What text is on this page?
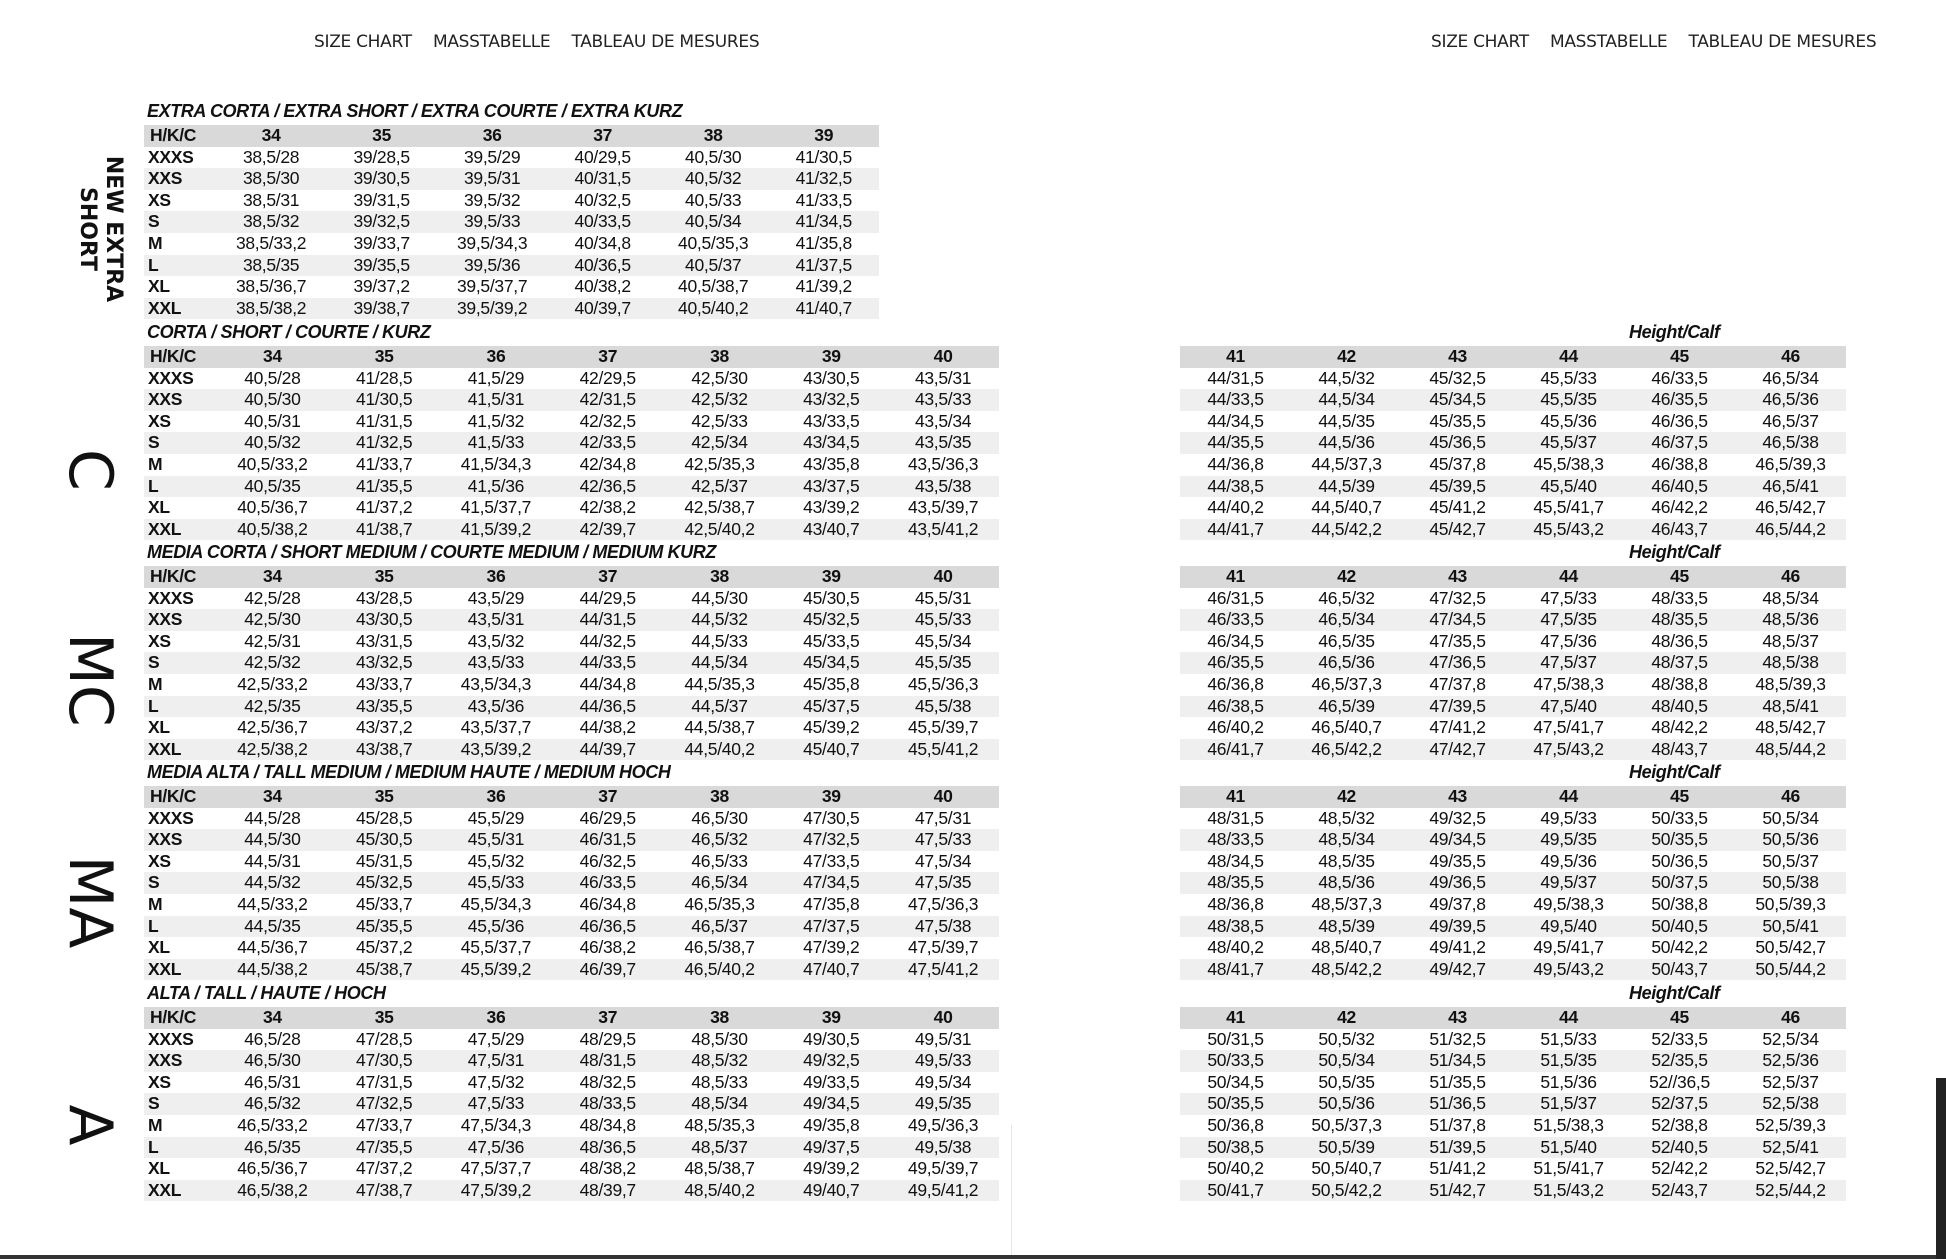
SIZE CHART MASSTABELLE TABLEAU DE MESURES	SIZE CHART MASSTABELLE TABLEAU DE MESURES
NEW EXTRA
SHORT
C
MC
MA
A
EXTRA CORTA / EXTRA SHORT / EXTRA COURTE / EXTRA KURZ
CORTA / SHORT / COURTE / KURZ
MEDIA CORTA / SHORT MEDIUM / COURTE MEDIUM / MEDIUM KURZ
MEDIA ALTA / TALL MEDIUM / MEDIUM HAUTE / MEDIUM HOCH
ALTA / TALL / HAUTE / HOCH
Height/Calf
Height/Calf
Height/Calf
Height/Calf
H/K/C	34	35	36	37	38	39
XXXS	38,5/28	39/28,5	39,5/29	40/29,5	40,5/30	41/30,5
XXS	38,5/30	39/30,5	39,5/31	40/31,5	40,5/32	41/32,5
XS	38,5/31	39/31,5	39,5/32	40/32,5	40,5/33	41/33,5
S	38,5/32	39/32,5	39,5/33	40/33,5	40,5/34	41/34,5
M	38,5/33,2	39/33,7	39,5/34,3	40/34,8	40,5/35,3	41/35,8
L	38,5/35	39/35,5	39,5/36	40/36,5	40,5/37	41/37,5
XL	38,5/36,7	39/37,2	39,5/37,7	40/38,2	40,5/38,7	41/39,2
XXL	38,5/38,2	39/38,7	39,5/39,2	40/39,7	40,5/40,2	41/40,7
H/K/C	34	35	36	37	38	39	40
XXXS	40,5/28	41/28,5	41,5/29	42/29,5	42,5/30	43/30,5	43,5/31
XXS	40,5/30	41/30,5	41,5/31	42/31,5	42,5/32	43/32,5	43,5/33
XS	40,5/31	41/31,5	41,5/32	42/32,5	42,5/33	43/33,5	43,5/34
S	40,5/32	41/32,5	41,5/33	42/33,5	42,5/34	43/34,5	43,5/35
M	40,5/33,2	41/33,7	41,5/34,3	42/34,8	42,5/35,3	43/35,8	43,5/36,3
L	40,5/35	41/35,5	41,5/36	42/36,5	42,5/37	43/37,5	43,5/38
XL	40,5/36,7	41/37,2	41,5/37,7	42/38,2	42,5/38,7	43/39,2	43,5/39,7
XXL	40,5/38,2	41/38,7	41,5/39,2	42/39,7	42,5/40,2	43/40,7	43,5/41,2
41	42	43	44	45	46
44/31,5	44,5/32	45/32,5	45,5/33	46/33,5	46,5/34
44/33,5	44,5/34	45/34,5	45,5/35	46/35,5	46,5/36
44/34,5	44,5/35	45/35,5	45,5/36	46/36,5	46,5/37
44/35,5	44,5/36	45/36,5	45,5/37	46/37,5	46,5/38
44/36,8	44,5/37,3	45/37,8	45,5/38,3	46/38,8	46,5/39,3
44/38,5	44,5/39	45/39,5	45,5/40	46/40,5	46,5/41
44/40,2	44,5/40,7	45/41,2	45,5/41,7	46/42,2	46,5/42,7
44/41,7	44,5/42,2	45/42,7	45,5/43,2	46/43,7	46,5/44,2
H/K/C	34	35	36	37	38	39	40
XXXS	42,5/28	43/28,5	43,5/29	44/29,5	44,5/30	45/30,5	45,5/31
XXS	42,5/30	43/30,5	43,5/31	44/31,5	44,5/32	45/32,5	45,5/33
XS	42,5/31	43/31,5	43,5/32	44/32,5	44,5/33	45/33,5	45,5/34
S	42,5/32	43/32,5	43,5/33	44/33,5	44,5/34	45/34,5	45,5/35
M	42,5/33,2	43/33,7	43,5/34,3	44/34,8	44,5/35,3	45/35,8	45,5/36,3
L	42,5/35	43/35,5	43,5/36	44/36,5	44,5/37	45/37,5	45,5/38
XL	42,5/36,7	43/37,2	43,5/37,7	44/38,2	44,5/38,7	45/39,2	45,5/39,7
XXL	42,5/38,2	43/38,7	43,5/39,2	44/39,7	44,5/40,2	45/40,7	45,5/41,2
41	42	43	44	45	46
46/31,5	46,5/32	47/32,5	47,5/33	48/33,5	48,5/34
46/33,5	46,5/34	47/34,5	47,5/35	48/35,5	48,5/36
46/34,5	46,5/35	47/35,5	47,5/36	48/36,5	48,5/37
46/35,5	46,5/36	47/36,5	47,5/37	48/37,5	48,5/38
46/36,8	46,5/37,3	47/37,8	47,5/38,3	48/38,8	48,5/39,3
46/38,5	46,5/39	47/39,5	47,5/40	48/40,5	48,5/41
46/40,2	46,5/40,7	47/41,2	47,5/41,7	48/42,2	48,5/42,7
46/41,7	46,5/42,2	47/42,7	47,5/43,2	48/43,7	48,5/44,2
H/K/C	34	35	36	37	38	39	40
XXXS	44,5/28	45/28,5	45,5/29	46/29,5	46,5/30	47/30,5	47,5/31
XXS	44,5/30	45/30,5	45,5/31	46/31,5	46,5/32	47/32,5	47,5/33
XS	44,5/31	45/31,5	45,5/32	46/32,5	46,5/33	47/33,5	47,5/34
S	44,5/32	45/32,5	45,5/33	46/33,5	46,5/34	47/34,5	47,5/35
M	44,5/33,2	45/33,7	45,5/34,3	46/34,8	46,5/35,3	47/35,8	47,5/36,3
L	44,5/35	45/35,5	45,5/36	46/36,5	46,5/37	47/37,5	47,5/38
XL	44,5/36,7	45/37,2	45,5/37,7	46/38,2	46,5/38,7	47/39,2	47,5/39,7
XXL	44,5/38,2	45/38,7	45,5/39,2	46/39,7	46,5/40,2	47/40,7	47,5/41,2
41	42	43	44	45	46
48/31,5	48,5/32	49/32,5	49,5/33	50/33,5	50,5/34
48/33,5	48,5/34	49/34,5	49,5/35	50/35,5	50,5/36
48/34,5	48,5/35	49/35,5	49,5/36	50/36,5	50,5/37
48/35,5	48,5/36	49/36,5	49,5/37	50/37,5	50,5/38
48/36,8	48,5/37,3	49/37,8	49,5/38,3	50/38,8	50,5/39,3
48/38,5	48,5/39	49/39,5	49,5/40	50/40,5	50,5/41
48/40,2	48,5/40,7	49/41,2	49,5/41,7	50/42,2	50,5/42,7
48/41,7	48,5/42,2	49/42,7	49,5/43,2	50/43,7	50,5/44,2
H/K/C	34	35	36	37	38	39	40
XXXS	46,5/28	47/28,5	47,5/29	48/29,5	48,5/30	49/30,5	49,5/31
XXS	46,5/30	47/30,5	47,5/31	48/31,5	48,5/32	49/32,5	49,5/33
XS	46,5/31	47/31,5	47,5/32	48/32,5	48,5/33	49/33,5	49,5/34
S	46,5/32	47/32,5	47,5/33	48/33,5	48,5/34	49/34,5	49,5/35
M	46,5/33,2	47/33,7	47,5/34,3	48/34,8	48,5/35,3	49/35,8	49,5/36,3
L	46,5/35	47/35,5	47,5/36	48/36,5	48,5/37	49/37,5	49,5/38
XL	46,5/36,7	47/37,2	47,5/37,7	48/38,2	48,5/38,7	49/39,2	49,5/39,7
XXL	46,5/38,2	47/38,7	47,5/39,2	48/39,7	48,5/40,2	49/40,7	49,5/41,2
41	42	43	44	45	46
50/31,5	50,5/32	51/32,5	51,5/33	52/33,5	52,5/34
50/33,5	50,5/34	51/34,5	51,5/35	52/35,5	52,5/36
50/34,5	50,5/35	51/35,5	51,5/36	52//36,5	52,5/37
50/35,5	50,5/36	51/36,5	51,5/37	52/37,5	52,5/38
50/36,8	50,5/37,3	51/37,8	51,5/38,3	52/38,8	52,5/39,3
50/38,5	50,5/39	51/39,5	51,5/40	52/40,5	52,5/41
50/40,2	50,5/40,7	51/41,2	51,5/41,7	52/42,2	52,5/42,7
50/41,7	50,5/42,2	51/42,7	51,5/43,2	52/43,7	52,5/44,2
